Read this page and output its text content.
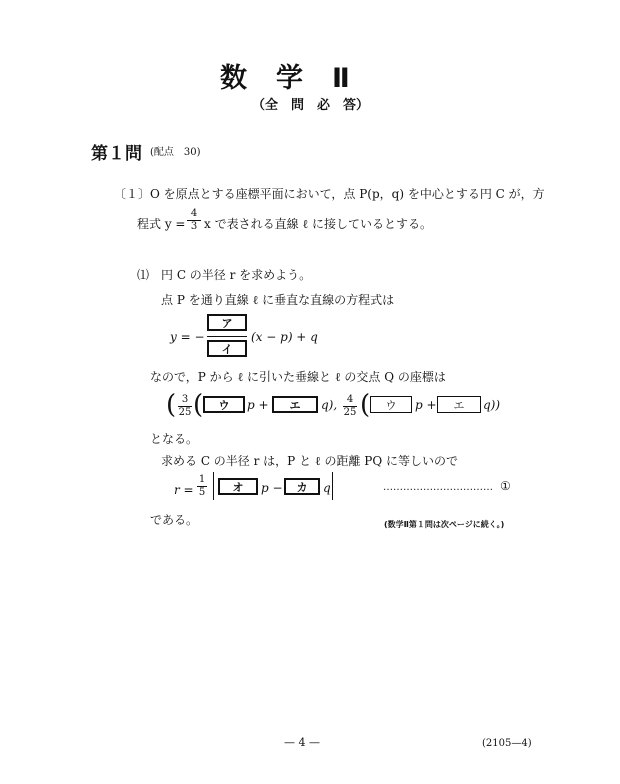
数　学　Ⅱ
（全　問　必　答）
第１問 (配点　30)
〔１〕 O を原点とする座標平面において，点 P(p，q) を中心とする円 C が，方
程式 y =
4
3 x で表される直線 ℓ に接しているとする。
⑴ 円 C の半径 r を求めよう。
点 P を通り直線 ℓ に垂直な直線の方程式は
y = −
ア
イ
(x − p) + q
なので，P から ℓ に引いた垂線と ℓ の交点 Q の座標は
( 3
25 (	ウ	p +	エ	q), 4
25 (	ウ	p +	エ	q))
となる。
求める C の半径 r は，P と ℓ の距離 PQ に等しいので
r =
1
5	オ	p −	カ	q	…………………………… ①
である。	(数学Ⅱ第１問は次ページに続く。)
— 4 —	(2105—4)
